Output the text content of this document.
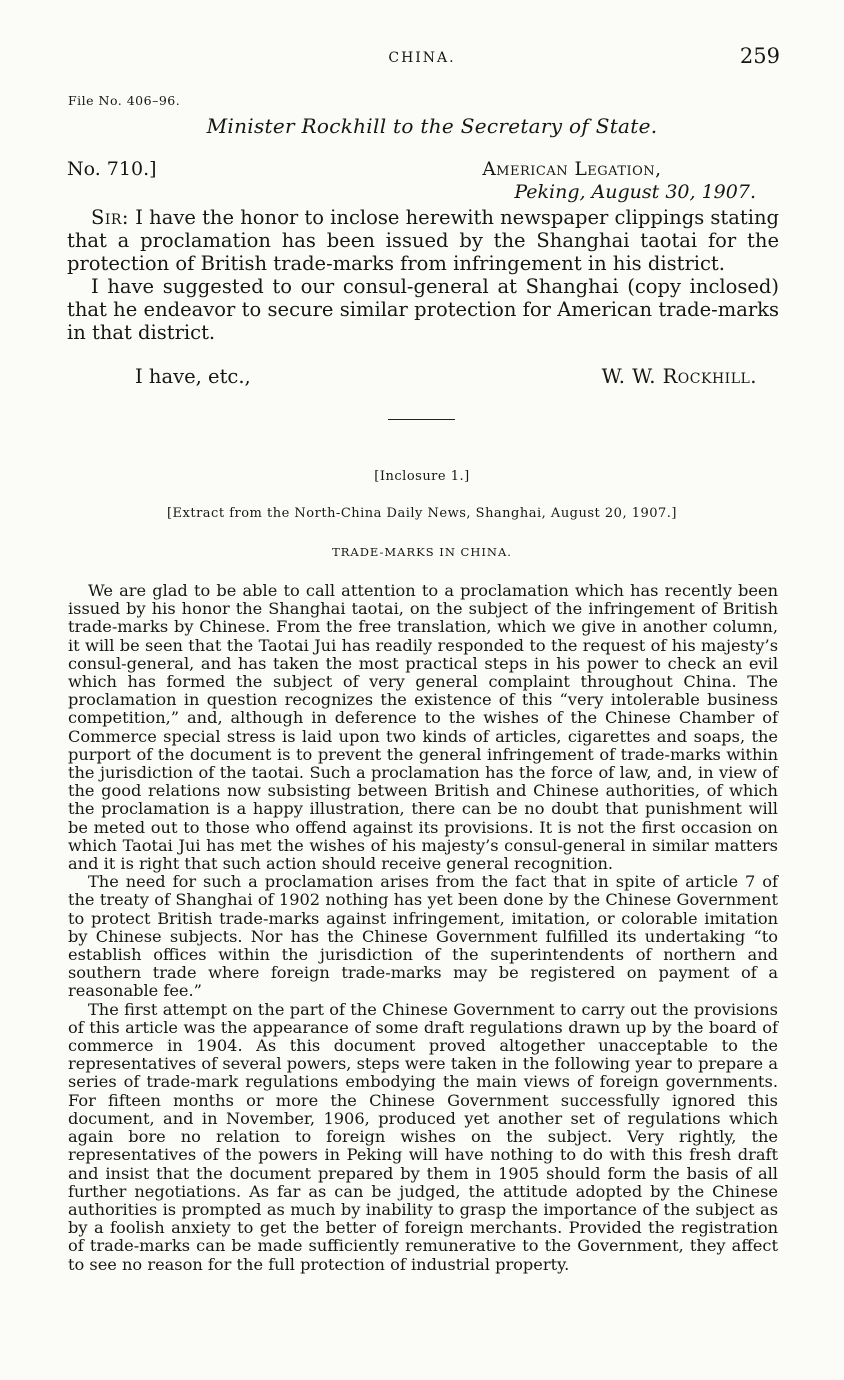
CHINA.	259
File No. 406–96.
Minister Rockhill to the Secretary of State.
No. 710.]	American Legation,
Peking, August 30, 1907.

Sir: I have the honor to inclose herewith newspaper clippings stating that a proclamation has been issued by the Shanghai taotai for the protection of British trade-marks from infringement in his district.

I have suggested to our consul-general at Shanghai (copy inclosed) that he endeavor to secure similar protection for American trade-marks in that district.

I have, etc.,	W. W. Rockhill.
[Inclosure 1.]
[Extract from the North-China Daily News, Shanghai, August 20, 1907.]
TRADE-MARKS IN CHINA.

We are glad to be able to call attention to a proclamation which has recently been issued by his honor the Shanghai taotai, on the subject of the infringement of British trade-marks by Chinese. From the free translation, which we give in another column, it will be seen that the Taotai Jui has readily responded to the request of his majesty’s consul-general, and has taken the most practical steps in his power to check an evil which has formed the subject of very general complaint throughout China. The proclamation in question recognizes the existence of this “very intolerable business competition,” and, although in deference to the wishes of the Chinese Chamber of Commerce special stress is laid upon two kinds of articles, cigarettes and soaps, the purport of the document is to prevent the general infringement of trade-marks within the jurisdiction of the taotai. Such a proclamation has the force of law, and, in view of the good relations now subsisting between British and Chinese authorities, of which the proclamation is a happy illustration, there can be no doubt that punishment will be meted out to those who offend against its provisions. It is not the first occasion on which Taotai Jui has met the wishes of his majesty’s consul-general in similar matters and it is right that such action should receive general recognition.

The need for such a proclamation arises from the fact that in spite of article 7 of the treaty of Shanghai of 1902 nothing has yet been done by the Chinese Government to protect British trade-marks against infringement, imitation, or colorable imitation by Chinese subjects. Nor has the Chinese Government fulfilled its undertaking “to establish offices within the jurisdiction of the superintendents of northern and southern trade where foreign trade-marks may be registered on payment of a reasonable fee.”

The first attempt on the part of the Chinese Government to carry out the provisions of this article was the appearance of some draft regulations drawn up by the board of commerce in 1904. As this document proved altogether unacceptable to the representatives of several powers, steps were taken in the following year to prepare a series of trade-mark regulations embodying the main views of foreign governments. For fifteen months or more the Chinese Government successfully ignored this document, and in November, 1906, produced yet another set of regulations which again bore no relation to foreign wishes on the subject. Very rightly, the representatives of the powers in Peking will have nothing to do with this fresh draft and insist that the document prepared by them in 1905 should form the basis of all further negotiations. As far as can be judged, the attitude adopted by the Chinese authorities is prompted as much by inability to grasp the importance of the subject as by a foolish anxiety to get the better of foreign merchants. Provided the registration of trade-marks can be made sufficiently remunerative to the Government, they affect to see no reason for the full protection of industrial property.
